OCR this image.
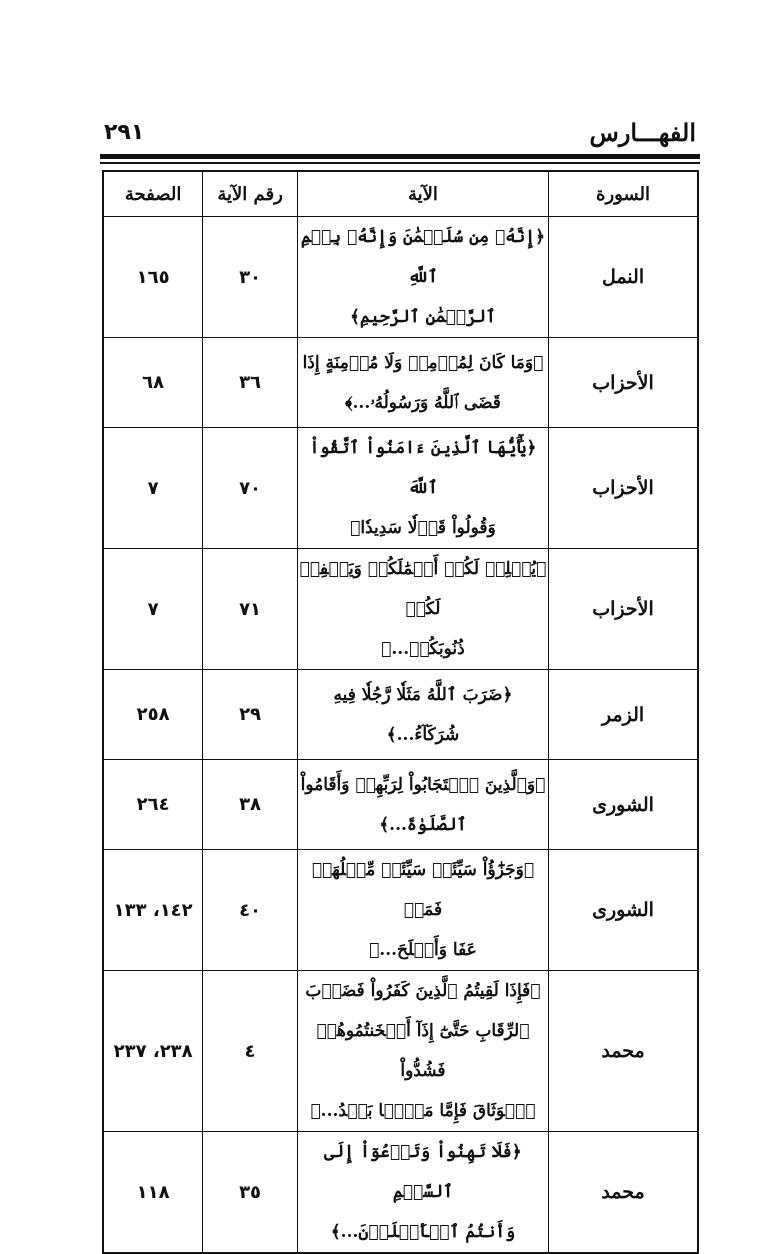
٢٩١	الفهـــارس
السورة	الآية	رقم الآية	الصفحة
النمل	﴿إِنَّهُۥ مِن سُلَيۡمَٰنَ وَإِنَّهُۥ بِسۡمِ ٱللَّهِ
ٱلرَّحۡمَٰنِ ٱلرَّحِيمِ﴾	٣٠	١٦٥
الأحزاب	﴿وَمَا كَانَ لِمُؤۡمِنٖ وَلَا مُؤۡمِنَةٍ إِذَا
قَضَى ٱللَّهُ وَرَسُولُهُۥ...﴾	٣٦	٦٨
الأحزاب	﴿يَٰٓأَيُّهَا ٱلَّذِينَ ءَامَنُواْ ٱتَّقُواْ ٱللَّهَ
وَقُولُواْ قَوۡلٗا سَدِيدٗا﴾	٧٠	٧
الأحزاب	﴿يُصۡلِحۡ لَكُمۡ أَعۡمَٰلَكُمۡ وَيَغۡفِرۡ لَكُمۡ
ذُنُوبَكُمۡ...﴾	٧١	٧
الزمر	﴿ضَرَبَ ٱللَّهُ مَثَلٗا رَّجُلٗا فِيهِ
شُرَكَآءُ...﴾	٢٩	٢٥٨
الشورى	﴿وَٱلَّذِينَ ٱسۡتَجَابُواْ لِرَبِّهِمۡ وَأَقَامُواْ
ٱلصَّلَوٰةَ...﴾	٣٨	٢٦٤
الشورى	﴿وَجَزَٰٓؤُاْ سَيِّئَةٖ سَيِّئَةٞ مِّثۡلُهَاۖ فَمَنۡ
عَفَا وَأَصۡلَحَ...﴾	٤٠	١٤٢، ١٣٣
محمد	﴿فَإِذَا لَقِيتُمُ ٱلَّذِينَ كَفَرُواْ فَضَرۡبَ
ٱلرِّقَابِ حَتَّىٰٓ إِذَآ أَثۡخَنتُمُوهُمۡ فَشُدُّواْ
ٱلۡوَثَاقَ فَإِمَّا مَنَّۢا بَعۡدُ...﴾	٤	٢٣٨، ٢٣٧
محمد	﴿فَلَا تَهِنُواْ وَتَدۡعُوٓاْ إِلَى ٱلسَّلۡمِ
وَأَنتُمُ ٱلۡأَعۡلَوۡنَ...﴾	٣٥	١١٨
